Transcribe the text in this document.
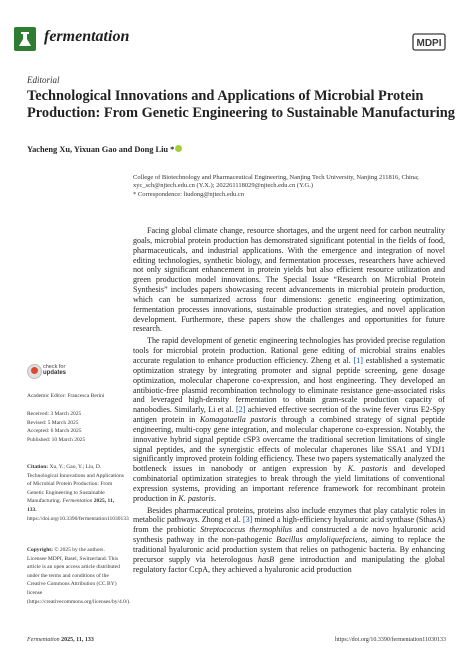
fermentation	MDPI
Editorial
Technological Innovations and Applications of Microbial Protein Production: From Genetic Engineering to Sustainable Manufacturing
Yacheng Xu, Yixuan Gao and Dong Liu *
College of Biotechnology and Pharmaceutical Engineering, Nanjing Tech University, Nanjing 211816, China;
xyc_sch@njtech.edu.cn (Y.X.); 202261118029@njtech.edu.cn (Y.G.)
* Correspondence: liudong@njtech.edu.cn
check for
updates
Academic Editor: Francesca Berini

Received: 3 March 2025

Revised: 5 March 2025

Accepted: 6 March 2025

Published: 10 March 2025

Citation: Xu, Y.; Gao, Y.; Liu, D. Technological Innovations and Applications of Microbial Protein Production: From Genetic Engineering to Sustainable Manufacturing. Fermentation 2025, 11, 133. https://doi.org/10.3390/fermentation11030133
Copyright: © 2025 by the authors. Licensee MDPI, Basel, Switzerland. This article is an open access article distributed under the terms and conditions of the Creative Commons Attribution (CC BY) license (https://creativecommons.org/licenses/by/4.0/).

Facing global climate change, resource shortages, and the urgent need for carbon neutrality goals, microbial protein production has demonstrated significant potential in the fields of food, pharmaceuticals, and industrial applications. With the emergence and integration of novel editing technologies, synthetic biology, and fermentation processes, researchers have achieved not only significant enhancement in protein yields but also efficient resource utilization and green production model innovations. The Special Issue “Research on Microbial Protein Synthesis” includes papers showcasing recent advancements in microbial protein production, which can be summarized across four dimensions: genetic engineering optimization, fermentation processes innovations, sustainable production strategies, and novel application development. Furthermore, these papers show the challenges and opportunities for future research.

The rapid development of genetic engineering technologies has provided precise regulation tools for microbial protein production. Rational gene editing of microbial strains enables accurate regulation to enhance production efficiency. Zheng et al. [1] established a systematic optimization strategy by integrating promoter and signal peptide screening, gene dosage optimization, molecular chaperone co-expression, and host engineering. They developed an antibiotic-free plasmid recombination technology to eliminate resistance gene-associated risks and leveraged high-density fermentation to obtain gram-scale production capacity of nanobodies. Similarly, Li et al. [2] achieved effective secretion of the swine fever virus E2-Spy antigen protein in Komagataella pastoris through a combined strategy of signal peptide engineering, multi-copy gene integration, and molecular chaperone co-expression. Notably, the innovative hybrid signal peptide cSP3 overcame the traditional secretion limitations of single signal peptides, and the synergistic effects of molecular chaperones like SSA1 and YDJ1 significantly improved protein folding efficiency. These two papers systematically analyzed the bottleneck issues in nanobody or antigen expression by K. pastoris and developed combinatorial optimization strategies to break through the yield limitations of conventional expression systems, providing an important reference framework for recombinant protein production in K. pastoris.

Besides pharmaceutical proteins, proteins also include enzymes that play catalytic roles in metabolic pathways. Zhong et al. [3] mined a high-efficiency hyaluronic acid synthase (SthasA) from the probiotic Streptococcus thermophilus and constructed a de novo hyaluronic acid synthesis pathway in the non-pathogenic Bacillus amyloliquefaciens, aiming to replace the traditional hyaluronic acid production system that relies on pathogenic bacteria. By enhancing precursor supply via heterologous hasB gene introduction and manipulating the global regulatory factor CcpA, they achieved a hyaluronic acid production

Fermentation 2025, 11, 133	https://doi.org/10.3390/fermentation11030133
